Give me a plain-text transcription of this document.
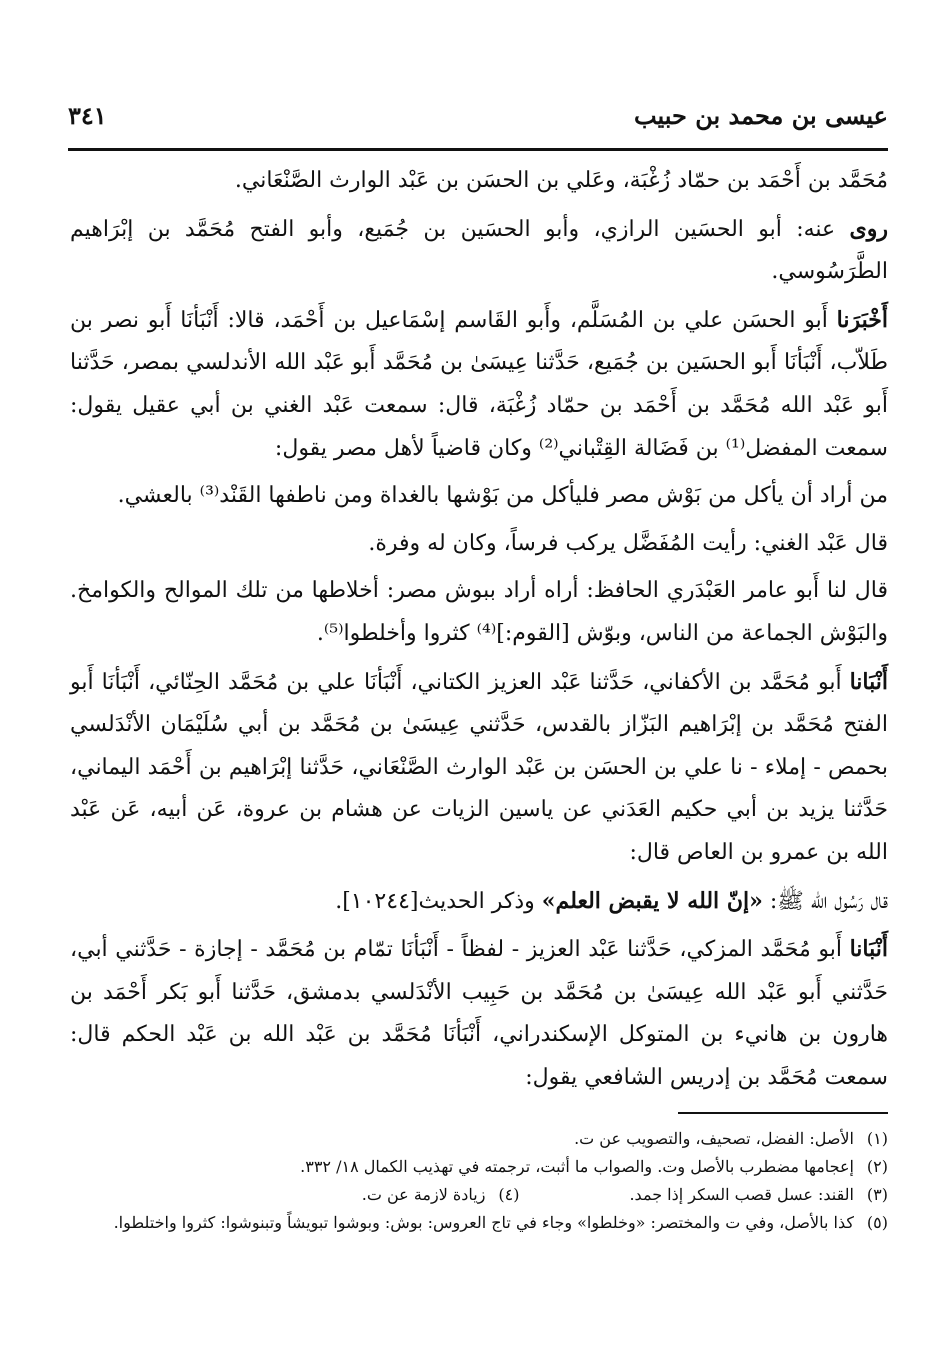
عيسى بن محمد بن حبيب
٣٤١

مُحَمَّد بن أَحْمَد بن حمّاد زُغْبَة، وعَلي بن الحسَن بن عَبْد الوارث الصَّنْعَاني.

روى عنه: أبو الحسَين الرازي، وأبو الحسَين بن جُمَيع، وأبو الفتح مُحَمَّد بن إبْرَاهيم الطَّرَسُوسي.

أَخْبَرَنا أَبو الحسَن علي بن المُسَلَّم، وأَبو القَاسم إسْمَاعيل بن أَحْمَد، قالا: أَنْبَأنَا أَبو نصر بن طَلاّب، أَنْبَأنَا أَبو الحسَين بن جُمَيع، حَدَّثنا عِيسَىٰ بن مُحَمَّد أَبو عَبْد الله الأندلسي بمصر، حَدَّثنا أَبو عَبْد الله مُحَمَّد بن أَحْمَد بن حمّاد زُغْبَة، قال: سمعت عَبْد الغني بن أبي عقيل يقول: سمعت المفضل⁽¹⁾ بن فَضَالة القِتْباني⁽²⁾ وكان قاضياً لأهل مصر يقول:

من أراد أن يأكل من بَوْش مصر فليأكل من بَوْشها بالغداة ومن ناطفها القَنْد⁽³⁾ بالعشي.

قال عَبْد الغني: رأيت المُفَضَّل يركب فرساً، وكان له وفرة.

قال لنا أَبو عامر العَبْدَري الحافظ: أراه أراد ببوش مصر: أخلاطها من تلك الموالح والكوامخ. والبَوْش الجماعة من الناس، وبوّش [القوم:]⁽⁴⁾ كثروا وأخلطوا⁽⁵⁾.

أَنْبَانا أَبو مُحَمَّد بن الأكفاني، حَدَّثنا عَبْد العزيز الكتاني، أَنْبَأنَا علي بن مُحَمَّد الحِنّائي، أَنْبَأنَا أَبو الفتح مُحَمَّد بن إبْرَاهيم البَزّاز بالقدس، حَدَّثني عِيسَىٰ بن مُحَمَّد بن أبي سُلَيْمَان الأنْدَلسي بحمص - إملاء - نا علي بن الحسَن بن عَبْد الوارث الصَّنْعَاني، حَدَّثنا إبْرَاهيم بن أَحْمَد اليماني، حَدَّثنا يزيد بن أبي حكيم العَدَني عن ياسين الزيات عن هشام بن عروة، عَن أبيه، عَن عَبْد الله بن عمرو بن العاص قال:

قال رَسُول الله ﷺ: «إنّ الله لا يقبض العلم» وذكر الحديث[١٠٢٤٤].

أَنْبَانا أَبو مُحَمَّد المزكي، حَدَّثنا عَبْد العزيز - لفظاً - أَنْبَأنَا تمّام بن مُحَمَّد - إجازة - حَدَّثني أبي، حَدَّثني أَبو عَبْد الله عِيسَىٰ بن مُحَمَّد بن حَبِيب الأنْدَلسي بدمشق، حَدَّثنا أَبو بَكر أَحْمَد بن هارون بن هانيء بن المتوكل الإسكندراني، أَنْبَأنَا مُحَمَّد بن عَبْد الله بن عَبْد الحكم قال: سمعت مُحَمَّد بن إدريس الشافعي يقول:

(١)الأصل: الفضل، تصحيف، والتصويب عن ت.
(٢)إعجامها مضطرب بالأصل وت. والصواب ما أثبت، ترجمته في تهذيب الكمال ١٨/ ٣٣٢.
(٣)القند: عسل قصب السكر إذا جمد.
(٤)زيادة لازمة عن ت.
(٥)كذا بالأصل، وفي ت والمختصر: «وخلطوا» وجاء في تاج العروس: بوش: وبوشوا تبويشاً وتبنوشوا: كثروا واختلطوا.
